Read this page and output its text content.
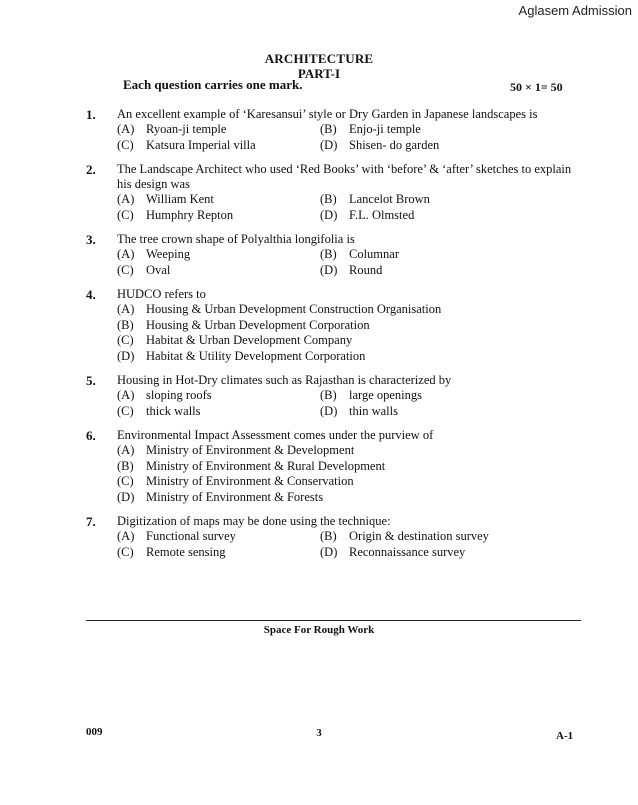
Aglasem Admission
ARCHITECTURE
PART-I
Each question carries one mark.	50 × 1= 50
1. An excellent example of ‘Karesansui’ style or Dry Garden in Japanese landscapes is
(A) Ryoan-ji temple	(B) Enjo-ji temple
(C) Katsura Imperial villa	(D) Shisen- do garden
2. The Landscape Architect who used ‘Red Books’ with ‘before’ & ‘after’ sketches to explain his design was
(A) William Kent	(B) Lancelot Brown
(C) Humphry Repton	(D) F.L. Olmsted
3. The tree crown shape of Polyalthia longifolia is
(A) Weeping	(B) Columnar
(C) Oval	(D) Round
4. HUDCO refers to
(A) Housing & Urban Development Construction Organisation
(B) Housing & Urban Development Corporation
(C) Habitat & Urban Development Company
(D) Habitat & Utility Development Corporation
5. Housing in Hot-Dry climates such as Rajasthan is characterized by
(A) sloping roofs	(B) large openings
(C) thick walls	(D) thin walls
6. Environmental Impact Assessment comes under the purview of
(A) Ministry of Environment & Development
(B) Ministry of Environment & Rural Development
(C) Ministry of Environment & Conservation
(D) Ministry of Environment & Forests
7. Digitization of maps may be done using the technique:
(A) Functional survey	(B) Origin & destination survey
(C) Remote sensing	(D) Reconnaissance survey
Space For Rough Work
009	3	A-1
